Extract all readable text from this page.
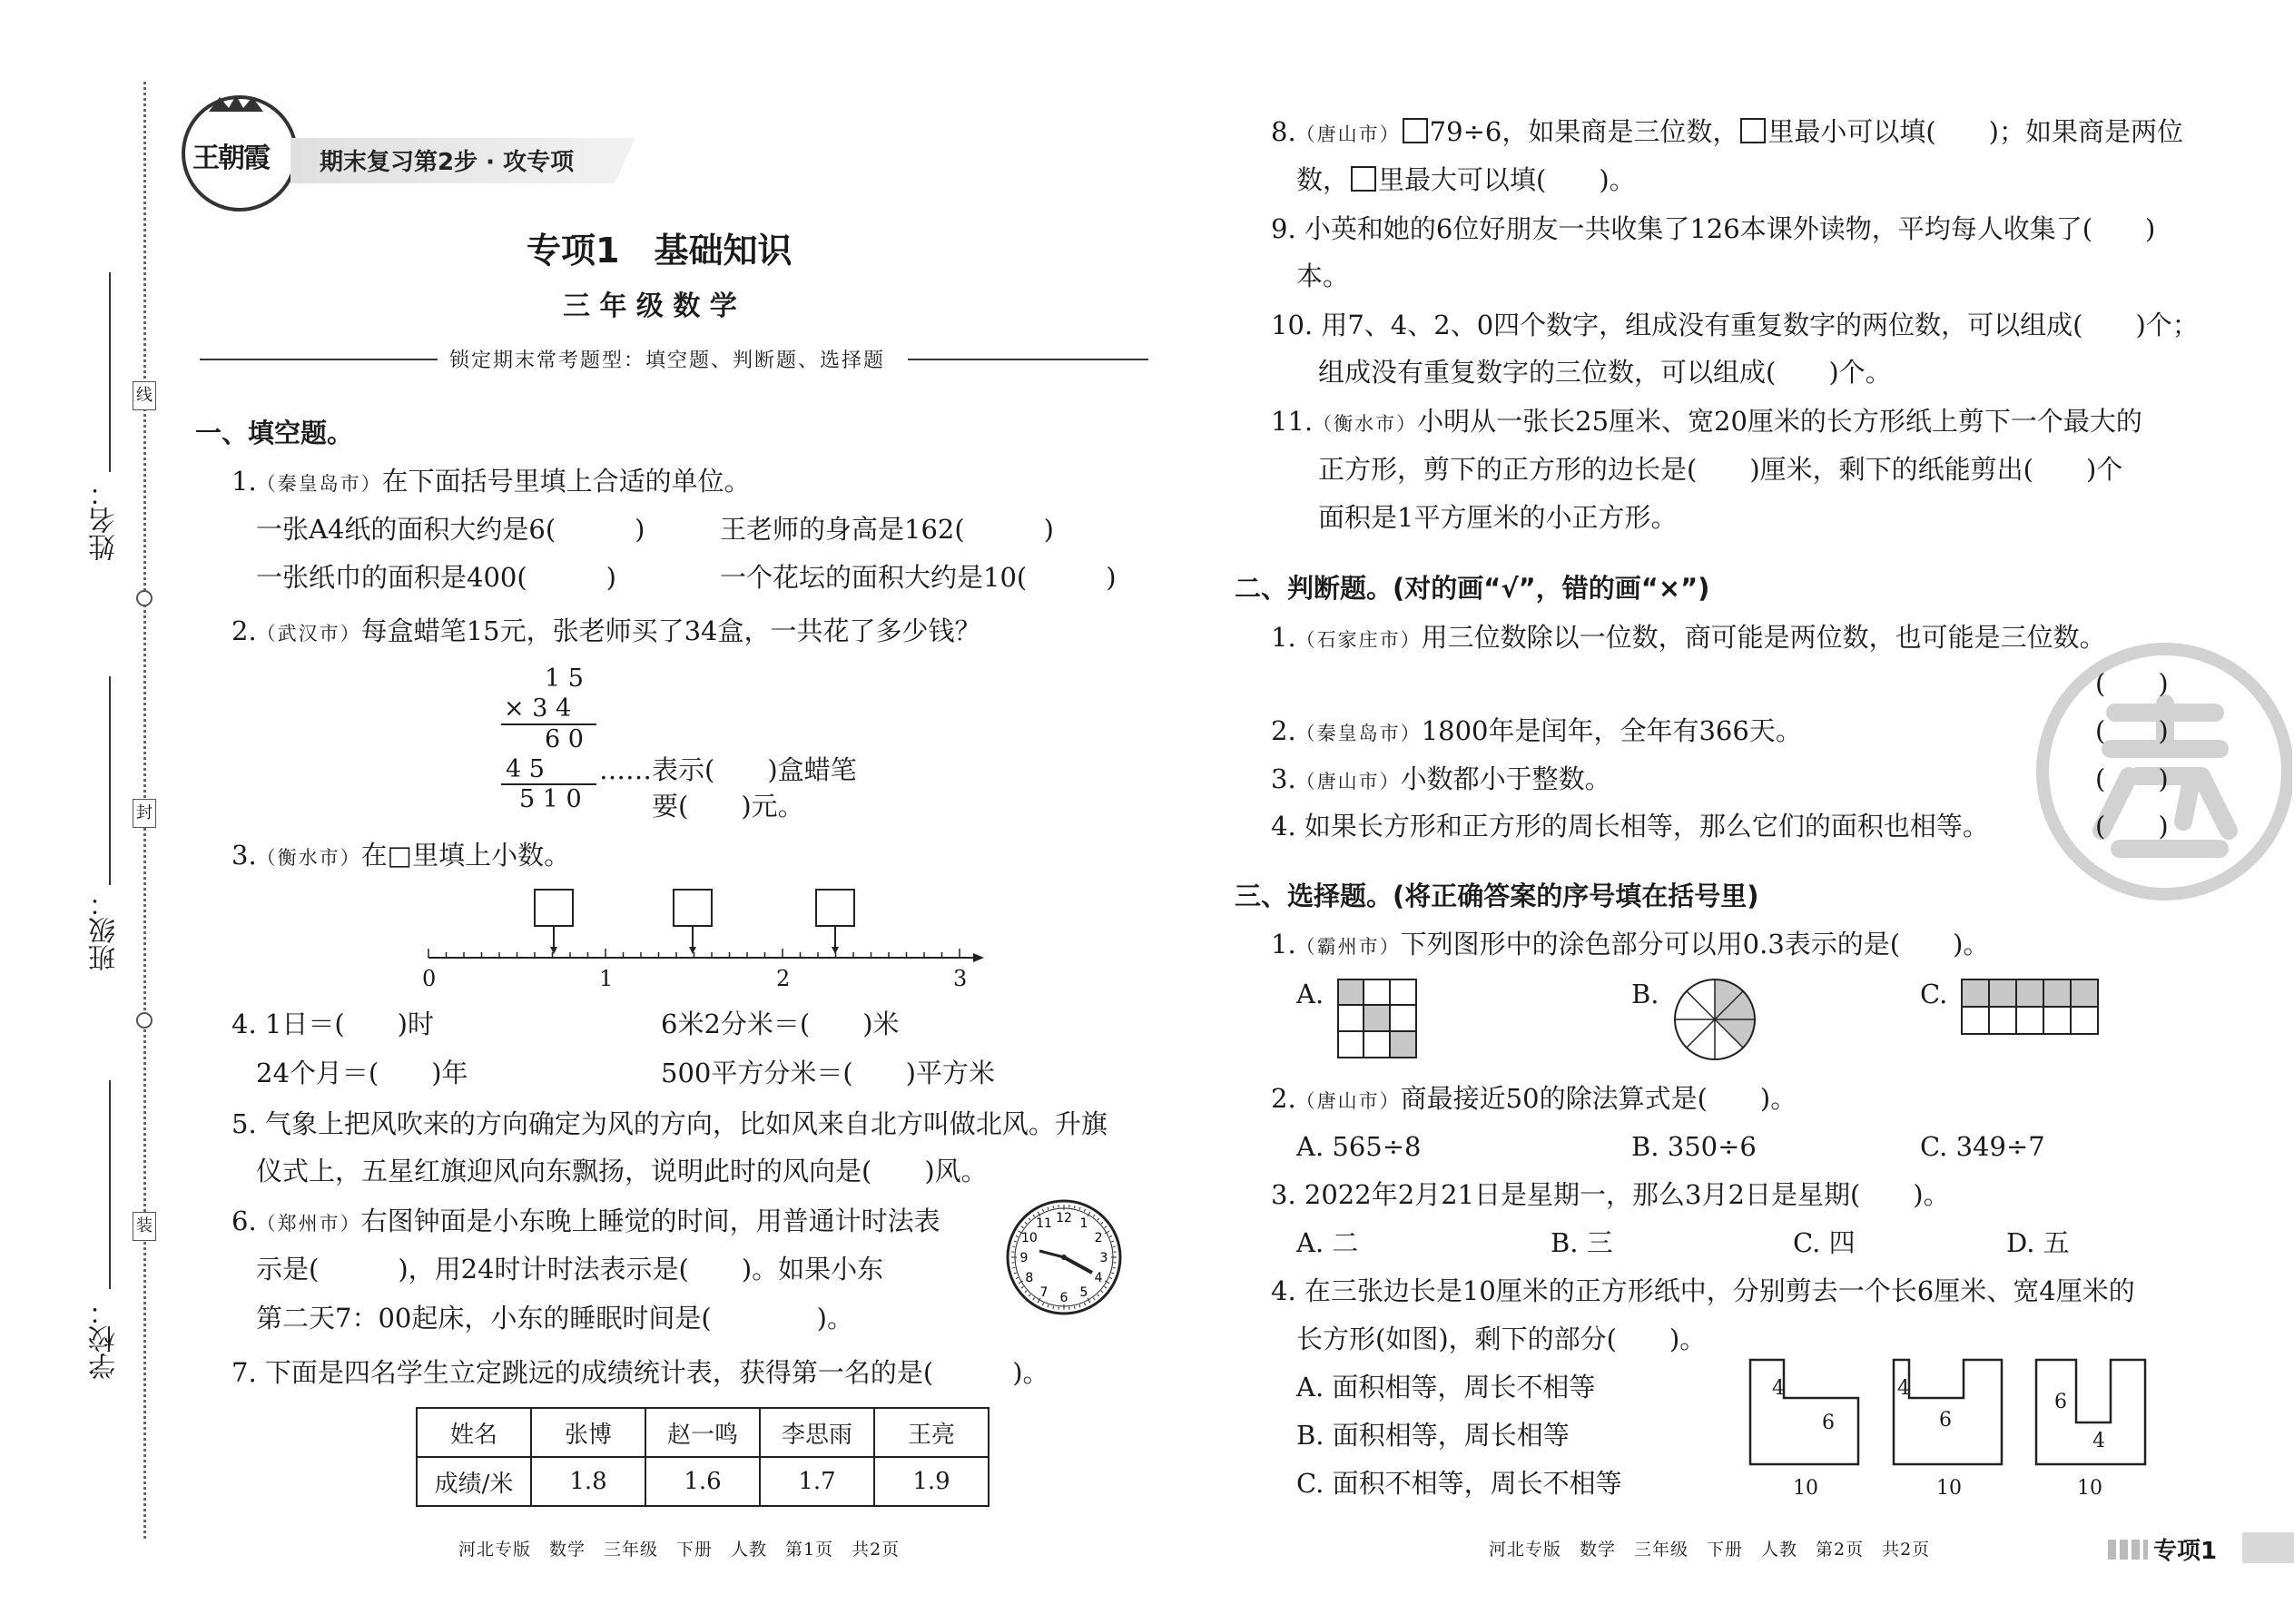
姓名：
班级：
学校：
线
封
装
王朝霞 期末复习第2步 · 攻专项
专项1　基础知识
三 年 级 数 学
锁定期末常考题型：填空题、判断题、选择题
一、填空题。
1.（秦皇岛市）在下面括号里填上合适的单位。
一张A4纸的面积大约是6(　　　)	王老师的身高是162(　　　)
一张纸巾的面积是400(　　　)	一个花坛的面积大约是10(　　　)
2.（武汉市）每盒蜡笔15元，张老师买了34盒，一共花了多少钱？
1 5
× 3 4
6 0
4 5
5 1 0
……表示(　　)盒蜡笔
要(　　)元。
3.（衡水市）在□里填上小数。
0	1	2	3
4. 1日＝(　　)时	6米2分米＝(　　)米
24个月＝(　　)年	500平方分米＝(　　)平方米
5. 气象上把风吹来的方向确定为风的方向，比如风来自北方叫做北风。升旗
仪式上，五星红旗迎风向东飘扬，说明此时的风向是(　　)风。
6.（郑州市）右图钟面是小东晚上睡觉的时间，用普通计时法表
示是(　　　)，用24时计时法表示是(　　)。如果小东
第二天7：00起床，小东的睡眠时间是(　　　　)。
1
2
3
4
5
6
7
8
9
10
11 12
7. 下面是四名学生立定跳远的成绩统计表，获得第一名的是(　　　)。
姓名	张博	赵一鸣	李思雨	王亮
成绩/米	1.8	1.6	1.7	1.9
河北专版　数学　三年级　下册　人教　第1页　共2页
8.（唐山市） 79÷6，如果商是三位数， 里最小可以填(　　)；如果商是两位
数， 里最大可以填(　　)。
9. 小英和她的6位好朋友一共收集了126本课外读物，平均每人收集了(　　)
本。
10. 用7、4、2、0四个数字，组成没有重复数字的两位数，可以组成(　　)个；
组成没有重复数字的三位数，可以组成(　　)个。
11.（衡水市）小明从一张长25厘米、宽20厘米的长方形纸上剪下一个最大的
正方形，剪下的正方形的边长是(　　)厘米，剩下的纸能剪出(　　)个
面积是1平方厘米的小正方形。
二、判断题。(对的画“√”，错的画“×”)
1.（石家庄市）用三位数除以一位数，商可能是两位数，也可能是三位数。
(　　)
2.（秦皇岛市）1800年是闰年，全年有366天。	(　　)
3.（唐山市）小数都小于整数。	(　　)
4. 如果长方形和正方形的周长相等，那么它们的面积也相等。	(　　)
三、选择题。(将正确答案的序号填在括号里)
1.（霸州市）下列图形中的涂色部分可以用0.3表示的是(　　)。
A.	B.	C.
2.（唐山市）商最接近50的除法算式是(　　)。
A. 565÷8	B. 350÷6	C. 349÷7
3. 2022年2月21日是星期一，那么3月2日是星期(　　)。
A. 二	B. 三	C. 四	D. 五
4. 在三张边长是10厘米的正方形纸中，分别剪去一个长6厘米、宽4厘米的
长方形(如图)，剩下的部分(　　)。
A. 面积相等，周长不相等
B. 面积相等，周长相等
C. 面积不相等，周长不相等
4
6
10
4
6
10
6
4
10
河北专版　数学　三年级　下册　人教　第2页　共2页	专项1
